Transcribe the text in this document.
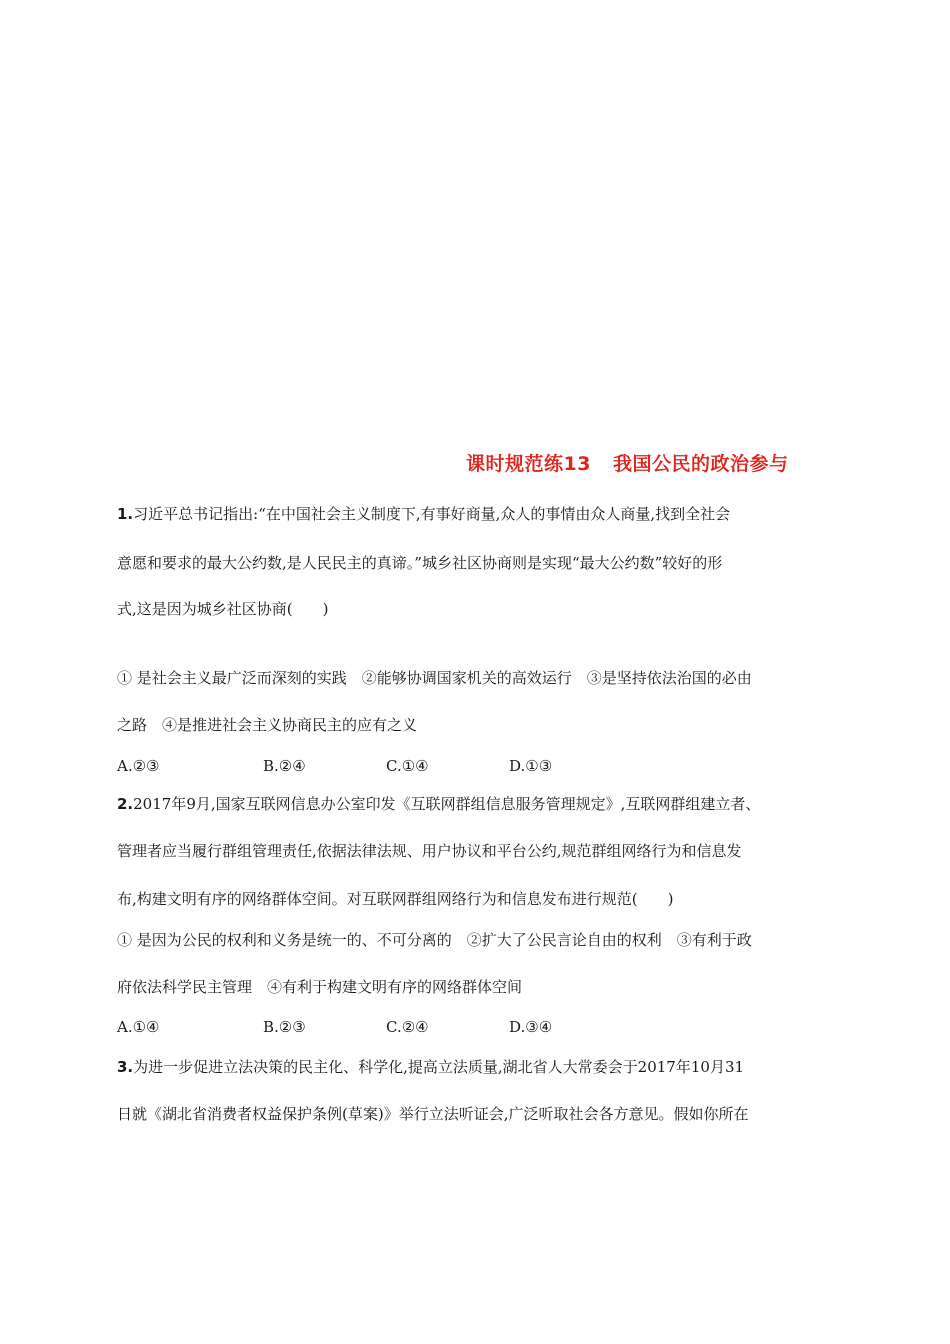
课时规范练13 我国公民的政治参与
1.习近平总书记指出:“在中国社会主义制度下,有事好商量,众人的事情由众人商量,找到全社会
意愿和要求的最大公约数,是人民民主的真谛。”城乡社区协商则是实现“最大公约数”较好的形
式,这是因为城乡社区协商(　　)
① 是社会主义最广泛而深刻的实践　②能够协调国家机关的高效运行　③是坚持依法治国的必由
之路　④是推进社会主义协商民主的应有之义
A.②③	B.②④	C.①④	D.①③
2.2017年9月,国家互联网信息办公室印发《互联网群组信息服务管理规定》,互联网群组建立者、
管理者应当履行群组管理责任,依据法律法规、用户协议和平台公约,规范群组网络行为和信息发
布,构建文明有序的网络群体空间。对互联网群组网络行为和信息发布进行规范(　　)
① 是因为公民的权利和义务是统一的、不可分离的　②扩大了公民言论自由的权利　③有利于政
府依法科学民主管理　④有利于构建文明有序的网络群体空间
A.①④	B.②③	C.②④	D.③④
3.为进一步促进立法决策的民主化、科学化,提高立法质量,湖北省人大常委会于2017年10月31
日就《湖北省消费者权益保护条例(草案)》举行立法听证会,广泛听取社会各方意见。假如你所在
